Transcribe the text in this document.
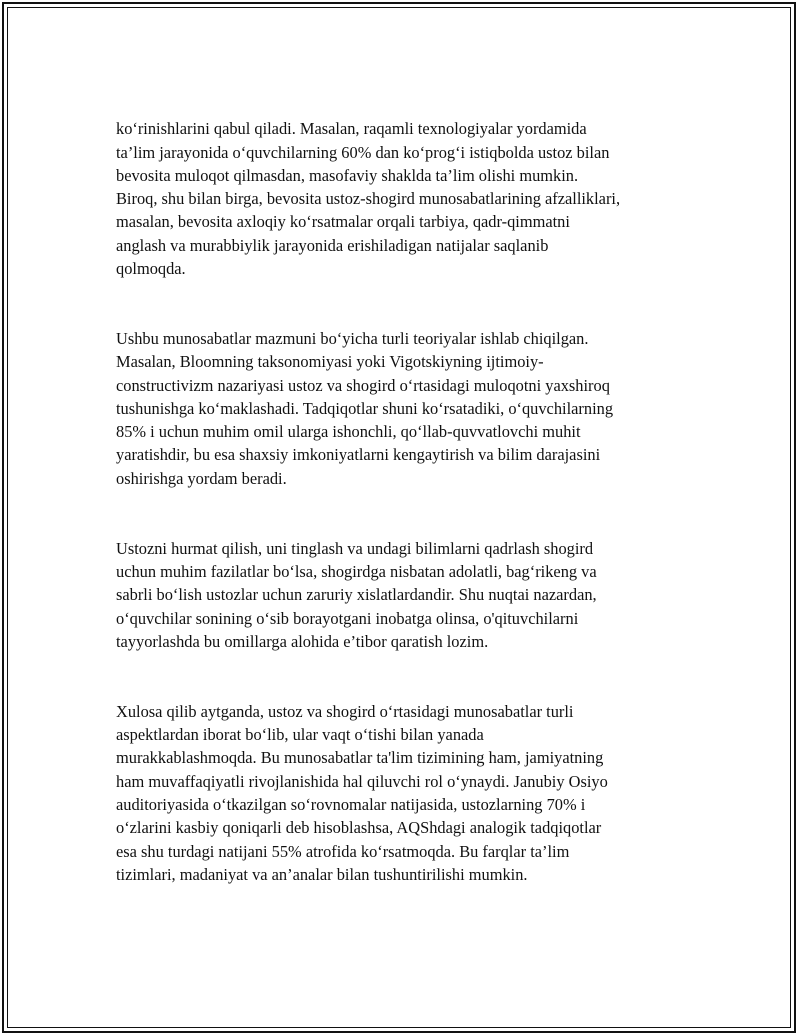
ko‘rinishlarini qabul qiladi. Masalan, raqamli texnologiyalar yordamida
ta’lim jarayonida o‘quvchilarning 60% dan ko‘prog‘i istiqbolda ustoz bilan
bevosita muloqot qilmasdan, masofaviy shaklda ta’lim olishi mumkin.
Biroq, shu bilan birga, bevosita ustoz-shogird munosabatlarining afzalliklari,
masalan, bevosita axloqiy ko‘rsatmalar orqali tarbiya, qadr-qimmatni
anglash va murabbiylik jarayonida erishiladigan natijalar saqlanib
qolmoqda.

Ushbu munosabatlar mazmuni bo‘yicha turli teoriyalar ishlab chiqilgan.
Masalan, Bloomning taksonomiyasi yoki Vigotskiyning ijtimoiy-
constructivizm nazariyasi ustoz va shogird o‘rtasidagi muloqotni yaxshiroq
tushunishga ko‘maklashadi. Tadqiqotlar shuni ko‘rsatadiki, o‘quvchilarning
85% i uchun muhim omil ularga ishonchli, qo‘llab-quvvatlovchi muhit
yaratishdir, bu esa shaxsiy imkoniyatlarni kengaytirish va bilim darajasini
oshirishga yordam beradi.

Ustozni hurmat qilish, uni tinglash va undagi bilimlarni qadrlash shogird
uchun muhim fazilatlar bo‘lsa, shogirdga nisbatan adolatli, bag‘rikeng va
sabrli bo‘lish ustozlar uchun zaruriy xislatlardandir. Shu nuqtai nazardan,
o‘quvchilar sonining o‘sib borayotgani inobatga olinsa, o'qituvchilarni
tayyorlashda bu omillarga alohida e’tibor qaratish lozim.

Xulosa qilib aytganda, ustoz va shogird o‘rtasidagi munosabatlar turli
aspektlardan iborat bo‘lib, ular vaqt o‘tishi bilan yanada
murakkablashmoqda. Bu munosabatlar ta'lim tizimining ham, jamiyatning
ham muvaffaqiyatli rivojlanishida hal qiluvchi rol o‘ynaydi. Janubiy Osiyo
auditoriyasida o‘tkazilgan so‘rovnomalar natijasida, ustozlarning 70% i
o‘zlarini kasbiy qoniqarli deb hisoblashsa, AQShdagi analogik tadqiqotlar
esa shu turdagi natijani 55% atrofida ko‘rsatmoqda. Bu farqlar ta’lim
tizimlari, madaniyat va an’analar bilan tushuntirilishi mumkin.
